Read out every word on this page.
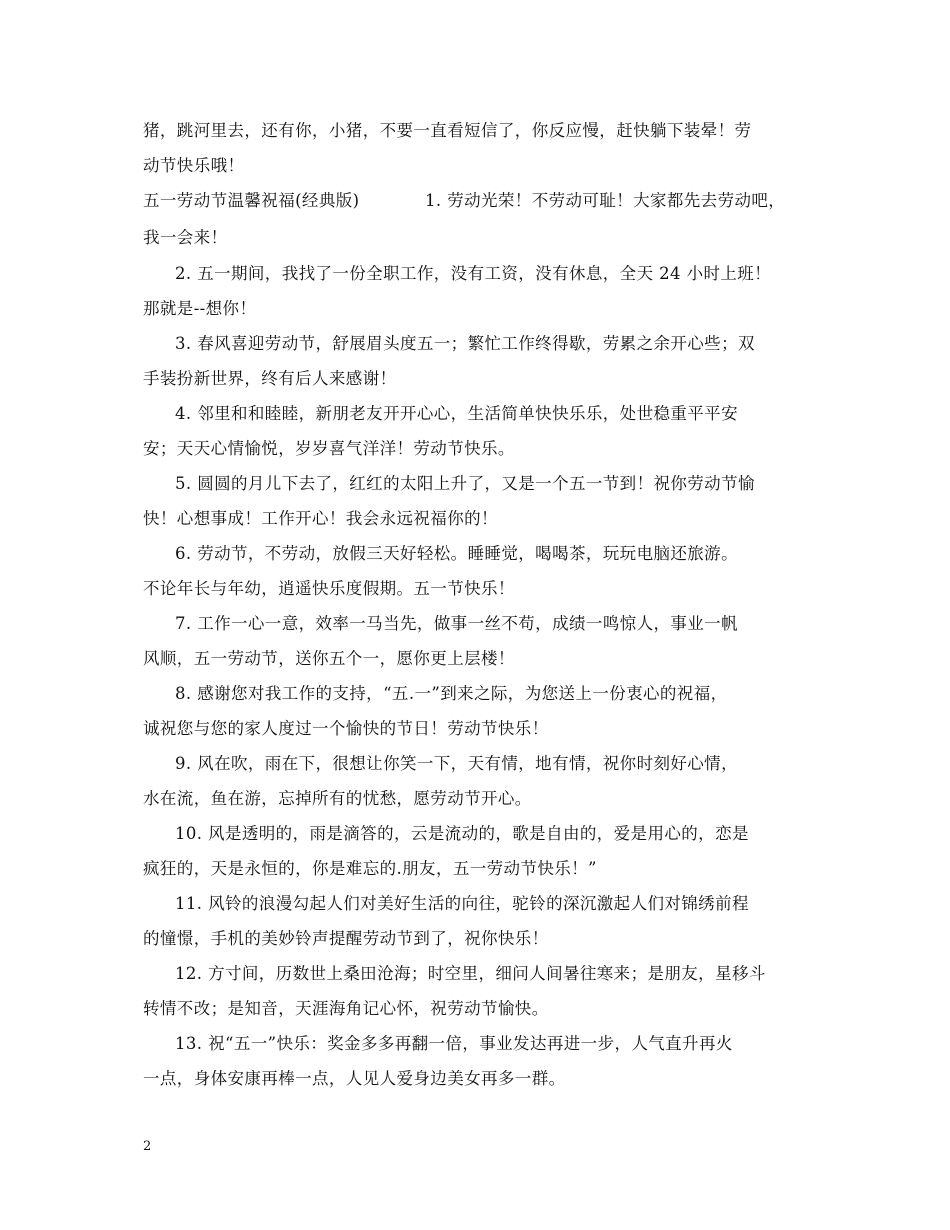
猪，跳河里去，还有你，小猪，不要一直看短信了，你反应慢，赶快躺下装晕！劳
动节快乐哦！
五一劳动节温馨祝福(经典版)	1. 劳动光荣！不劳动可耻！大家都先去劳动吧，
我一会来！
2. 五一期间，我找了一份全职工作，没有工资，没有休息，全天 24 小时上班！
那就是--想你！
3. 春风喜迎劳动节，舒展眉头度五一；繁忙工作终得歇，劳累之余开心些；双
手装扮新世界，终有后人来感谢！
4. 邻里和和睦睦，新朋老友开开心心，生活简单快快乐乐，处世稳重平平安
安；天天心情愉悦，岁岁喜气洋洋！劳动节快乐。
5. 圆圆的月儿下去了，红红的太阳上升了，又是一个五一节到！祝你劳动节愉
快！心想事成！工作开心！我会永远祝福你的！
6. 劳动节，不劳动，放假三天好轻松。睡睡觉，喝喝茶，玩玩电脑还旅游。
不论年长与年幼，逍遥快乐度假期。五一节快乐！
7. 工作一心一意，效率一马当先，做事一丝不苟，成绩一鸣惊人，事业一帆
风顺，五一劳动节，送你五个一，愿你更上层楼！
8. 感谢您对我工作的支持，“五.一”到来之际，为您送上一份衷心的祝福，
诚祝您与您的家人度过一个愉快的节日！劳动节快乐！
9. 风在吹，雨在下，很想让你笑一下，天有情，地有情，祝你时刻好心情，
水在流，鱼在游，忘掉所有的忧愁，愿劳动节开心。
10. 风是透明的，雨是滴答的，云是流动的，歌是自由的，爱是用心的，恋是
疯狂的，天是永恒的，你是难忘的.朋友，五一劳动节快乐！”
11. 风铃的浪漫勾起人们对美好生活的向往，驼铃的深沉激起人们对锦绣前程
的憧憬，手机的美妙铃声提醒劳动节到了，祝你快乐！
12. 方寸间，历数世上桑田沧海；时空里，细问人间暑往寒来；是朋友，星移斗
转情不改；是知音，天涯海角记心怀，祝劳动节愉快。
13. 祝“五一”快乐：奖金多多再翻一倍，事业发达再进一步，人气直升再火
一点，身体安康再棒一点，人见人爱身边美女再多一群。
2
